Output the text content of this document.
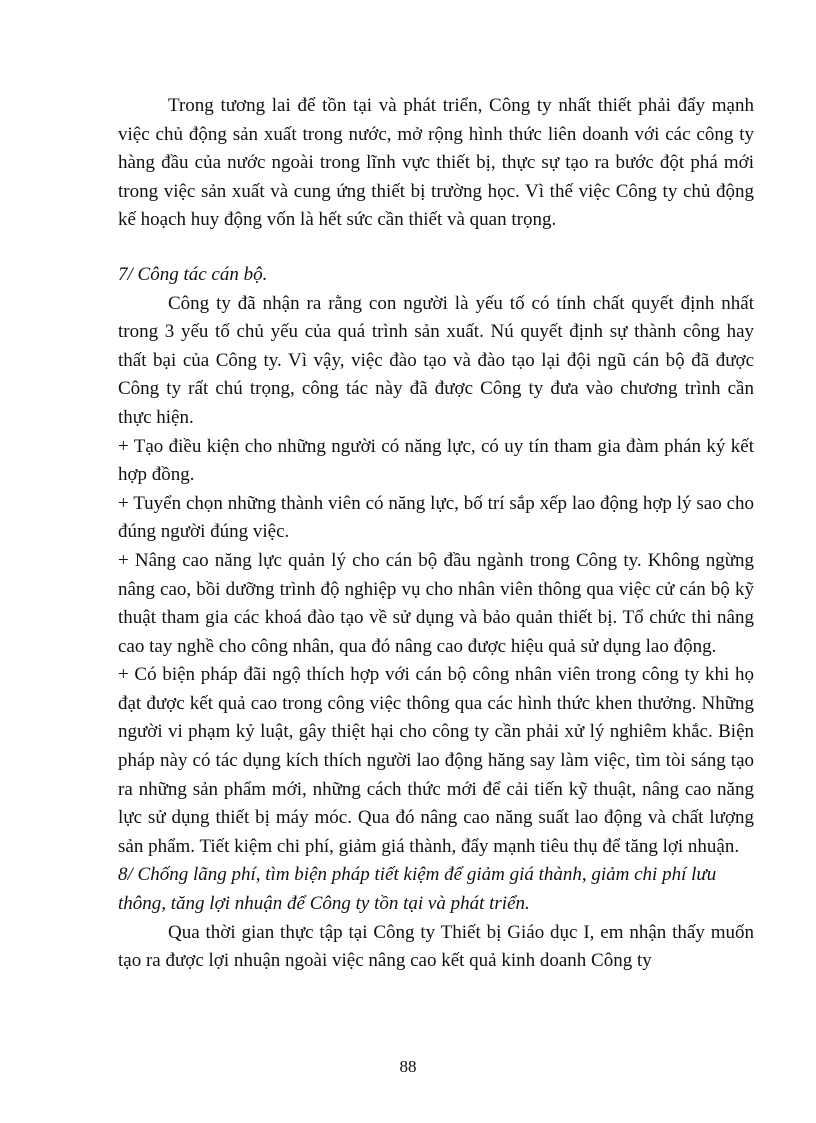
Trong tương lai để tồn tại và phát triển, Công ty nhất thiết phải đẩy mạnh việc chủ động sản xuất trong nước, mở rộng hình thức liên doanh với các công ty hàng đầu của nước ngoài trong lĩnh vực thiết bị, thực sự tạo ra bước đột phá mới trong việc sản xuất và cung ứng thiết bị trường học. Vì thế việc Công ty chủ động kế hoạch huy động vốn là hết sức cần thiết và quan trọng.

7/ Công tác cán bộ.

Công ty đã nhận ra rằng con người là yếu tố có tính chất quyết định nhất trong 3 yếu tố chủ yếu của quá trình sản xuất. Nú quyết định sự thành công hay thất bại của Công ty. Vì vậy, việc đào tạo và đào tạo lại đội ngũ cán bộ đã được Công ty rất chú trọng, công tác này đã được Công ty đưa vào chương trình cần thực hiện.

+ Tạo điều kiện cho những người có năng lực, có uy tín tham gia đàm phán ký kết hợp đồng.

+ Tuyển chọn những thành viên có năng lực, bố trí sắp xếp lao động hợp lý sao cho đúng người đúng việc.

+ Nâng cao năng lực quản lý cho cán bộ đầu ngành trong Công ty. Không ngừng nâng cao, bồi dưỡng trình độ nghiệp vụ cho nhân viên thông qua việc cử cán bộ kỹ thuật tham gia các khoá đào tạo về sử dụng và bảo quản thiết bị. Tổ chức thi nâng cao tay nghề cho công nhân, qua đó nâng cao được hiệu quả sử dụng lao động.

+ Có biện pháp đãi ngộ thích hợp với cán bộ công nhân viên trong công ty khi họ đạt được kết quả cao trong công việc thông qua các hình thức khen thưởng. Những người vi phạm kỷ luật, gây thiệt hại cho công ty cần phải xử lý nghiêm khắc. Biện pháp này có tác dụng kích thích người lao động hăng say làm việc, tìm tòi sáng tạo ra những sản phẩm mới, những cách thức mới để cải tiến kỹ thuật, nâng cao năng lực sử dụng thiết bị máy móc. Qua đó nâng cao năng suất lao động và chất lượng sản phẩm. Tiết kiệm chi phí, giảm giá thành, đẩy mạnh tiêu thụ để tăng lợi nhuận.

8/ Chống lãng phí, tìm biện pháp tiết kiệm để giảm giá thành, giảm chi phí lưu thông, tăng lợi nhuận để Công ty tồn tại và phát triển.

Qua thời gian thực tập tại Công ty Thiết bị Giáo dục I, em nhận thấy muốn tạo ra được lợi nhuận ngoài việc nâng cao kết quả kinh doanh Công ty

88
